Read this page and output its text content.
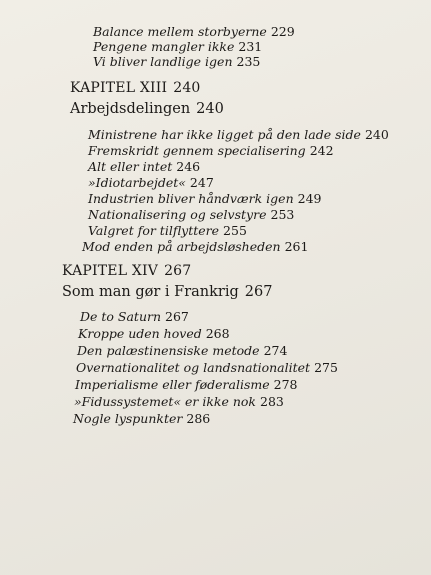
Balance mellem storbyerne 229
Pengene mangler ikke 231
Vi bliver landlige igen 235
KAPITEL XIII 240
Arbejdsdelingen 240
Ministrene har ikke ligget på den lade side 240
Fremskridt gennem specialisering 242
Alt eller intet 246
»Idiotarbejdet« 247
Industrien bliver håndværk igen 249
Nationalisering og selvstyre 253
Valgret for tilflyttere 255
Mod enden på arbejdsløsheden 261
KAPITEL XIV 267
Som man gør i Frankrig 267
De to Saturn 267
Kroppe uden hoved 268
Den palæstinensiske metode 274
Overnationalitet og landsnationalitet 275
Imperialisme eller føderalisme 278
»Fidussystemet« er ikke nok 283
Nogle lyspunkter 286
